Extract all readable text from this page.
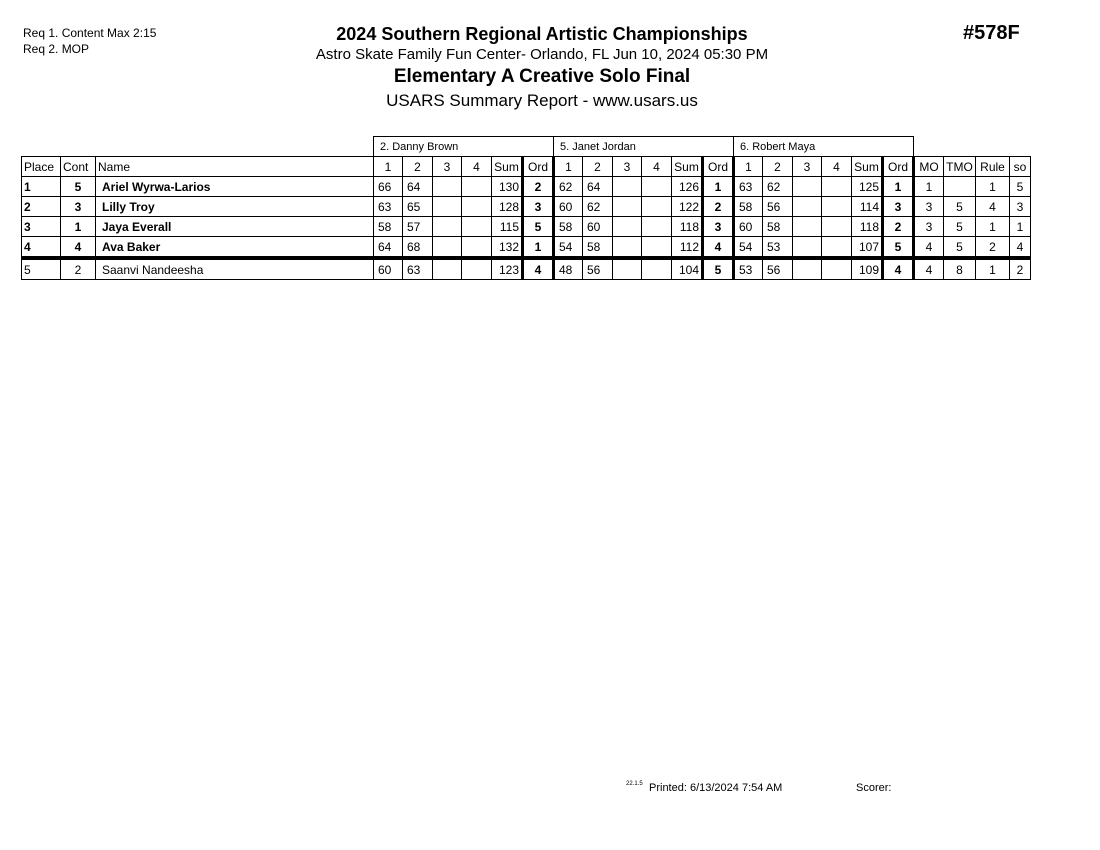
Req 1. Content Max 2:15
Req 2. MOP
#578F
2024 Southern Regional Artistic Championships
Astro Skate Family Fun Center- Orlando, FL Jun 10, 2024 05:30 PM
Elementary A Creative Solo Final
USARS Summary Report - www.usars.us
			2. Danny Brown						5. Janet Jordan						6. Robert Maya									
Place	Cont	Name	1	2	3	4	Sum	Ord	1	2	3	4	Sum	Ord	1	2	3	4	Sum	Ord	MO	TMO	Rule	so
1	5	Ariel Wyrwa-Larios	66	64			130	2	62	64			126	1	63	62			125	1	1		1	5
2	3	Lilly Troy	63	65			128	3	60	62			122	2	58	56			114	3	3	5	4	3
3	1	Jaya Everall	58	57			115	5	58	60			118	3	60	58			118	2	3	5	1	1
4	4	Ava Baker	64	68			132	1	54	58			112	4	54	53			107	5	4	5	2	4
5	2	Saanvi Nandeesha	60	63			123	4	48	56			104	5	53	56			109	4	4	8	1	2
22.1.5 Printed: 6/13/2024 7:54 AM	Scorer:
